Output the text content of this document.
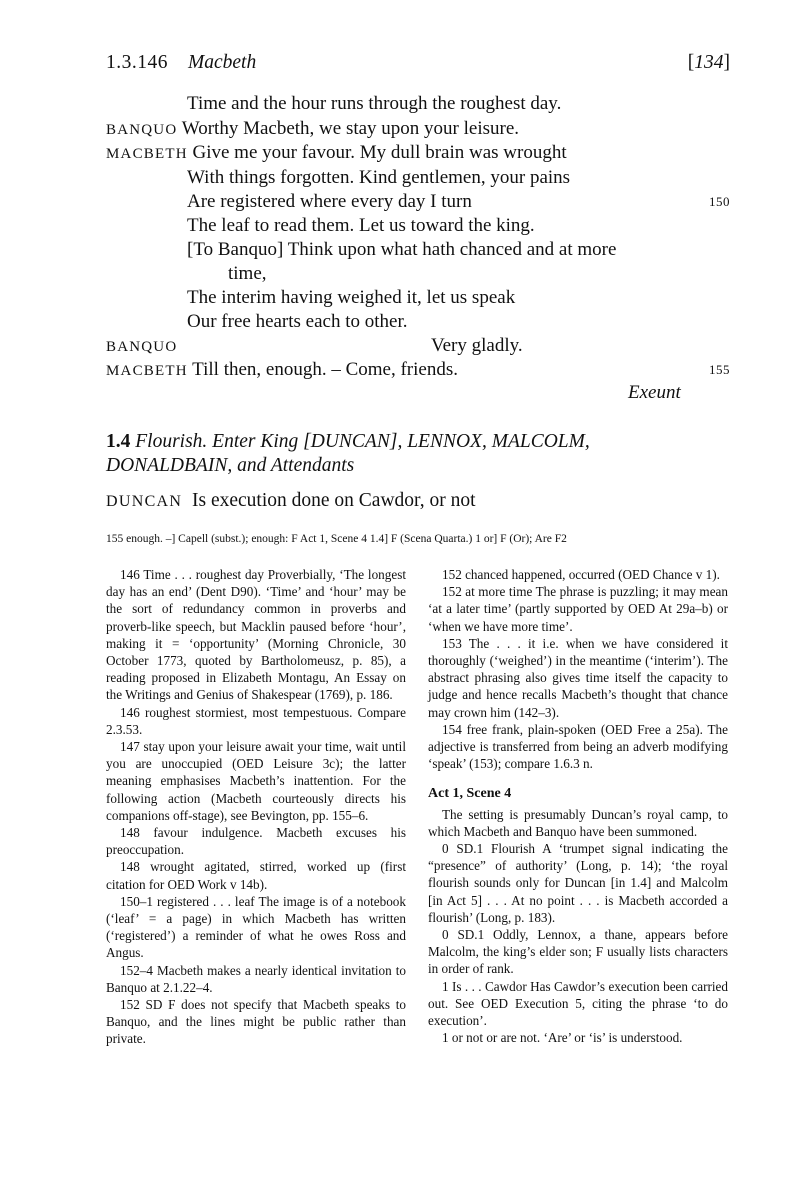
1.3.146 Macbeth	[134]
Time and the hour runs through the roughest day.
BANQUO Worthy Macbeth, we stay upon your leisure.
MACBETH Give me your favour. My dull brain was wrought
With things forgotten. Kind gentlemen, your pains
Are registered where every day I turn	150
The leaf to read them. Let us toward the king.
[To Banquo] Think upon what hath chanced and at more
time,
The interim having weighed it, let us speak
Our free hearts each to other.
BANQUO	Very gladly.
MACBETH Till then, enough. – Come, friends.	155
Exeunt
1.4 Flourish. Enter King [DUNCAN], LENNOX, MALCOLM,
DONALDBAIN, and Attendants
DUNCAN Is execution done on Cawdor, or not
155 enough. –] Capell (subst.); enough: F Act 1, Scene 4 1.4] F (Scena Quarta.) 1 or] F (Or); Are F2

146 Time . . . roughest day Proverbially, ‘The longest day has an end’ (Dent D90). ‘Time’ and ‘hour’ may be the sort of redundancy common in proverbs and proverb-like speech, but Macklin paused before ‘hour’, making it = ‘opportunity’ (Morning Chronicle, 30 October 1773, quoted by Bartholomeusz, p. 85), a reading proposed in Elizabeth Montagu, An Essay on the Writings and Genius of Shakespear (1769), p. 186.

146 roughest stormiest, most tempestuous. Compare 2.3.53.

147 stay upon your leisure await your time, wait until you are unoccupied (OED Leisure 3c); the latter meaning emphasises Macbeth’s inattention. For the following action (Macbeth courteously directs his companions off-stage), see Bevington, pp. 155–6.

148 favour indulgence. Macbeth excuses his preoccupation.

148 wrought agitated, stirred, worked up (first citation for OED Work v 14b).

150–1 registered . . . leaf The image is of a notebook (‘leaf’ = a page) in which Macbeth has written (‘registered’) a reminder of what he owes Ross and Angus.

152–4 Macbeth makes a nearly identical invitation to Banquo at 2.1.22–4.

152 SD F does not specify that Macbeth speaks to Banquo, and the lines might be public rather than private.

152 chanced happened, occurred (OED Chance v 1).

152 at more time The phrase is puzzling; it may mean ‘at a later time’ (partly supported by OED At 29a–b) or ‘when we have more time’.

153 The . . . it i.e. when we have considered it thoroughly (‘weighed’) in the meantime (‘interim’). The abstract phrasing also gives time itself the capacity to judge and hence recalls Macbeth’s thought that chance may crown him (142–3).

154 free frank, plain-spoken (OED Free a 25a). The adjective is transferred from being an adverb modifying ‘speak’ (153); compare 1.6.3 n.

Act 1, Scene 4

The setting is presumably Duncan’s royal camp, to which Macbeth and Banquo have been summoned.

0 SD.1 Flourish A ‘trumpet signal indicating the “presence” of authority’ (Long, p. 14); ‘the royal flourish sounds only for Duncan [in 1.4] and Malcolm [in Act 5] . . . At no point . . . is Macbeth accorded a flourish’ (Long, p. 183).

0 SD.1 Oddly, Lennox, a thane, appears before Malcolm, the king’s elder son; F usually lists characters in order of rank.

1 Is . . . Cawdor Has Cawdor’s execution been carried out. See OED Execution 5, citing the phrase ‘to do execution’.

1 or not or are not. ‘Are’ or ‘is’ is understood.
